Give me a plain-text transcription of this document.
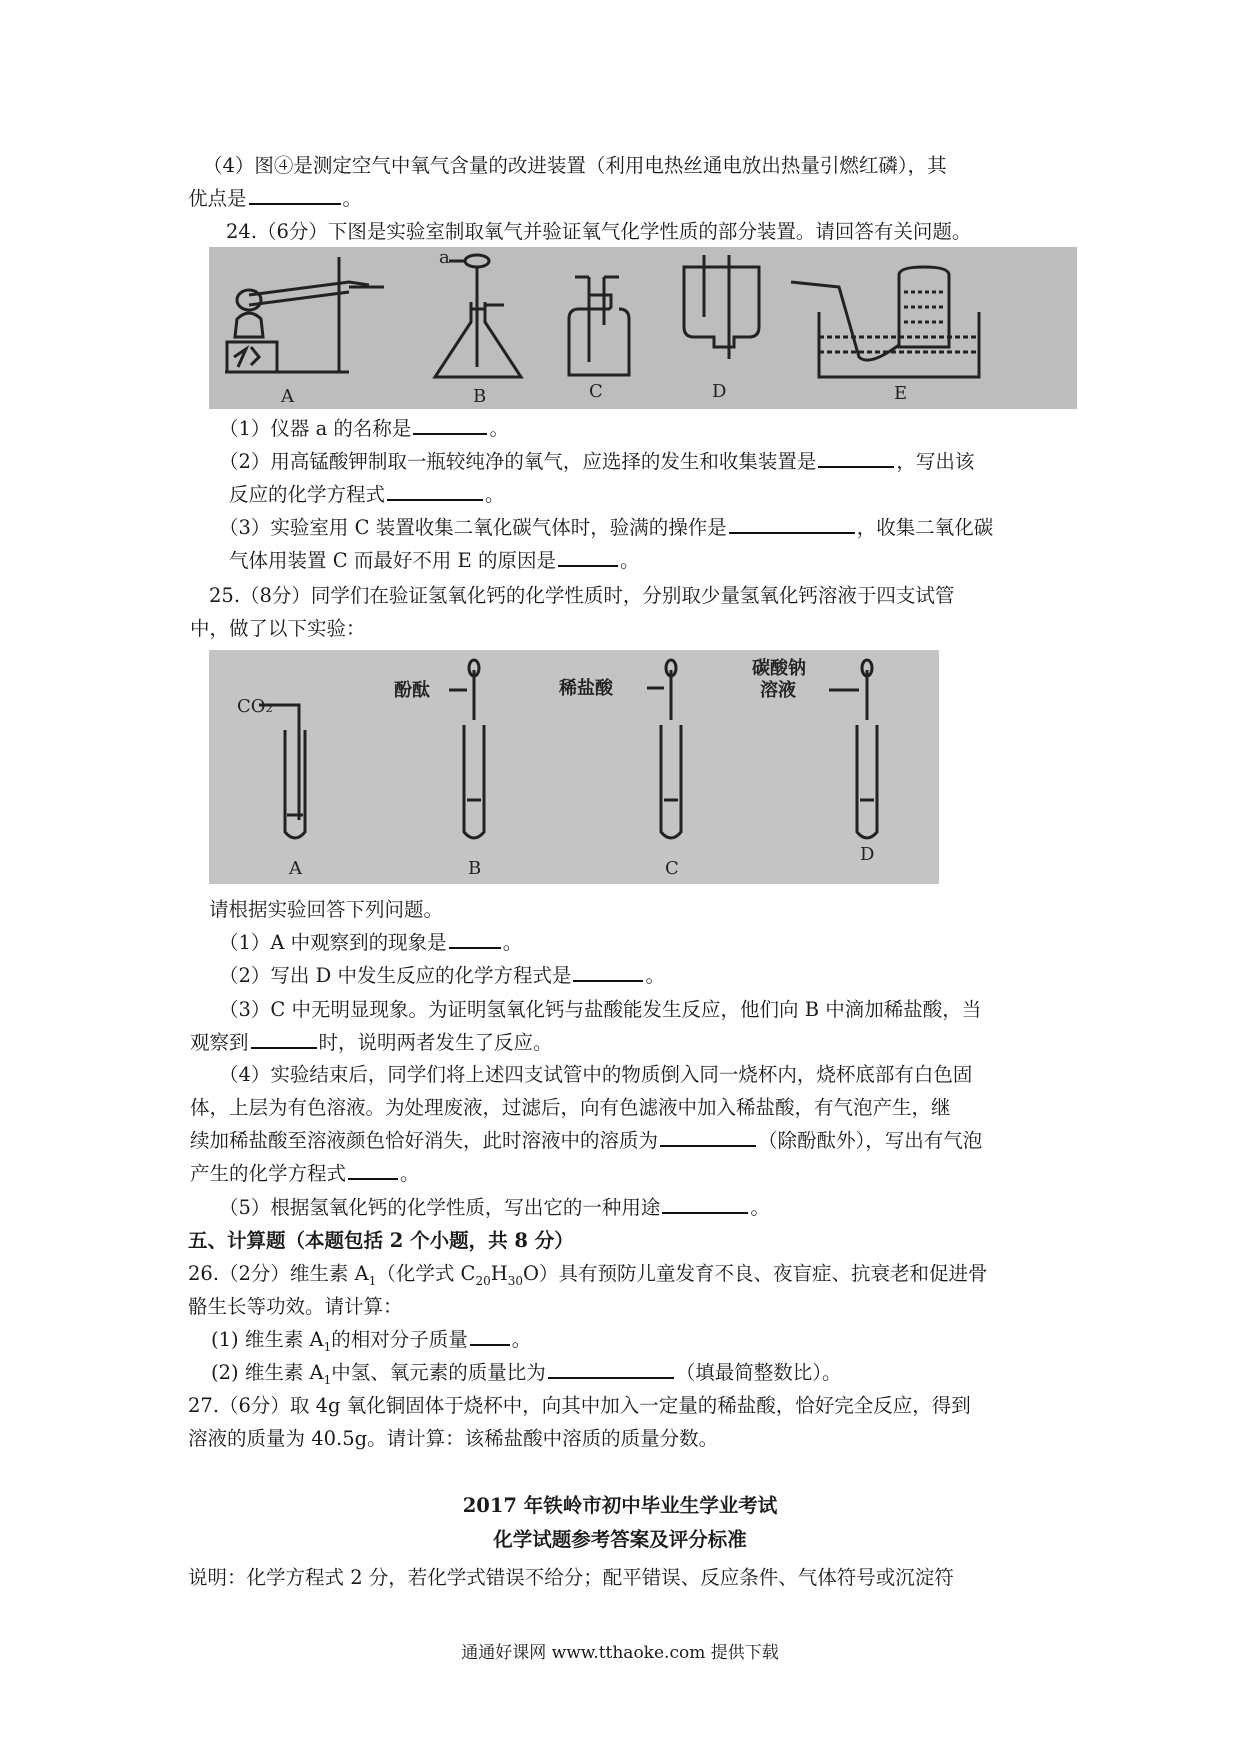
（4）图④是测定空气中氧气含量的改进装置（利用电热丝通电放出热量引燃红磷），其
优点是	。
24.（6分）下图是实验室制取氧气并验证氧气化学性质的部分装置。请回答有关问题。
A
a
B	C	D	E
（1）仪器 a 的名称是	。
（2）用高锰酸钾制取一瓶较纯净的氧气，应选择的发生和收集装置是	，写出该
反应的化学方程式	。
（3）实验室用 C 装置收集二氧化碳气体时，验满的操作是	，收集二氧化碳
气体用装置 C 而最好不用 E 的原因是	。
25.（8分）同学们在验证氢氧化钙的化学性质时，分别取少量氢氧化钙溶液于四支试管
中，做了以下实验：
CO₂
A
酚酞
B
稀盐酸
C
碳酸钠
溶液
D
请根据实验回答下列问题。
（1）A 中观察到的现象是	。
（2）写出 D 中发生反应的化学方程式是	。
（3）C 中无明显现象。为证明氢氧化钙与盐酸能发生反应，他们向 B 中滴加稀盐酸，当
观察到	时，说明两者发生了反应。
（4）实验结束后，同学们将上述四支试管中的物质倒入同一烧杯内，烧杯底部有白色固
体，上层为有色溶液。为处理废液，过滤后，向有色滤液中加入稀盐酸，有气泡产生，继
续加稀盐酸至溶液颜色恰好消失，此时溶液中的溶质为	（除酚酞外），写出有气泡
产生的化学方程式	。
（5）根据氢氧化钙的化学性质，写出它的一种用途	。
五、计算题（本题包括 2 个小题，共 8 分）
26.（2分）维生素 $A_1$（化学式 $C_{20}H_{30}O$）具有预防儿童发育不良、夜盲症、抗衰老和促进骨
骼生长等功效。请计算：
(1) 维生素 $A_1$的相对分子质量 。
(2) 维生素 $A_1$中氢、氧元素的质量比为	（填最简整数比）。
27.（6分）取 4g 氧化铜固体于烧杯中，向其中加入一定量的稀盐酸，恰好完全反应，得到
溶液的质量为 40.5g。请计算：该稀盐酸中溶质的质量分数。
2017 年铁岭市初中毕业生学业考试
化学试题参考答案及评分标准
说明：化学方程式 2 分，若化学式错误不给分；配平错误、反应条件、气体符号或沉淀符
通通好课网 www.tthaoke.com 提供下载
